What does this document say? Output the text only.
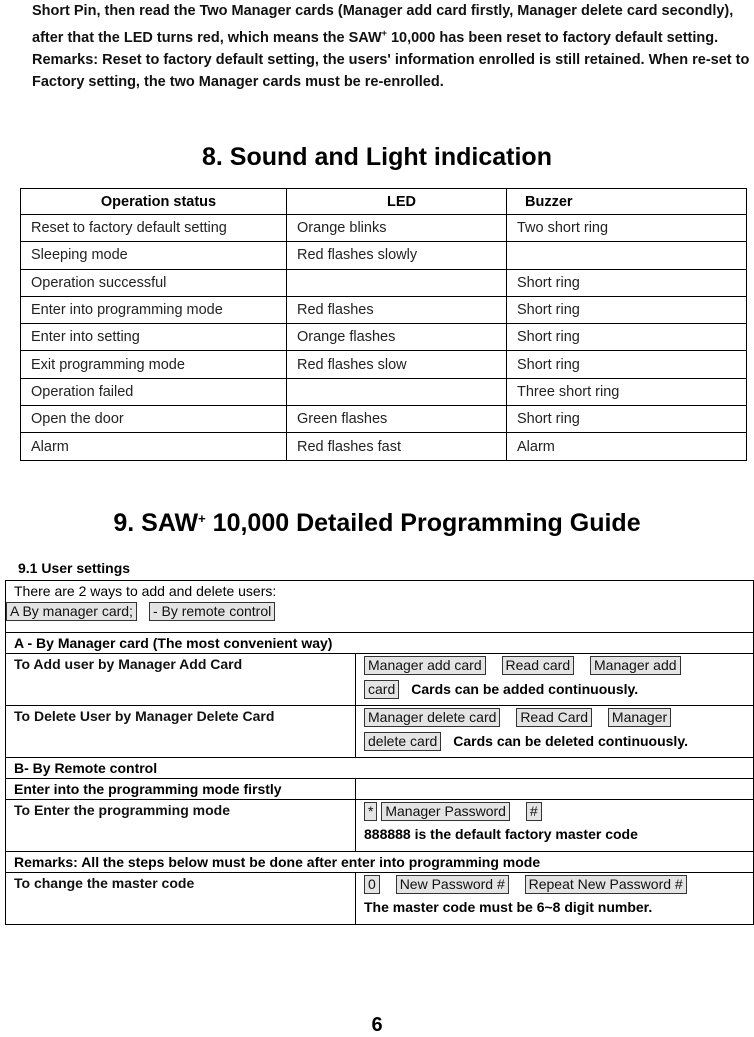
Short Pin, then read the Two Manager cards (Manager add card firstly, Manager delete card secondly), after that the LED turns red, which means the SAW+ 10,000 has been reset to factory default setting. Remarks: Reset to factory default setting, the users' information enrolled is still retained. When re-set to Factory setting, the two Manager cards must be re-enrolled.
8. Sound and Light indication
Operation status	LED	Buzzer
Reset to factory default setting	Orange blinks	Two short ring
Sleeping mode	Red flashes slowly	
Operation successful		Short ring
Enter into programming mode	Red flashes	Short ring
Enter into setting	Orange flashes	Short ring
Exit programming mode	Red flashes slow	Short ring
Operation failed		Three short ring
Open the door	Green flashes	Short ring
Alarm	Red flashes fast	Alarm
9. SAW+ 10,000 Detailed Programming Guide
9.1 User settings
There are 2 ways to add and delete users:
A By manager card;- By remote control	

A - By Manager card (The most convenient way)	
To Add user by Manager Add Card	Manager add card Read card Manager add
card Cards can be added continuously.

To Delete User by Manager Delete Card	Manager delete card Read Card Manager
delete card Cards can be deleted continuously.

B- By Remote control	
Enter into the programming mode firstly	
To Enter the programming mode	* Manager Password #
888888 is the default factory master code

Remarks: All the steps below must be done after enter into programming mode	
To change the master code	0 New Password # Repeat New Password #
The master code must be 6~8 digit number.
6
